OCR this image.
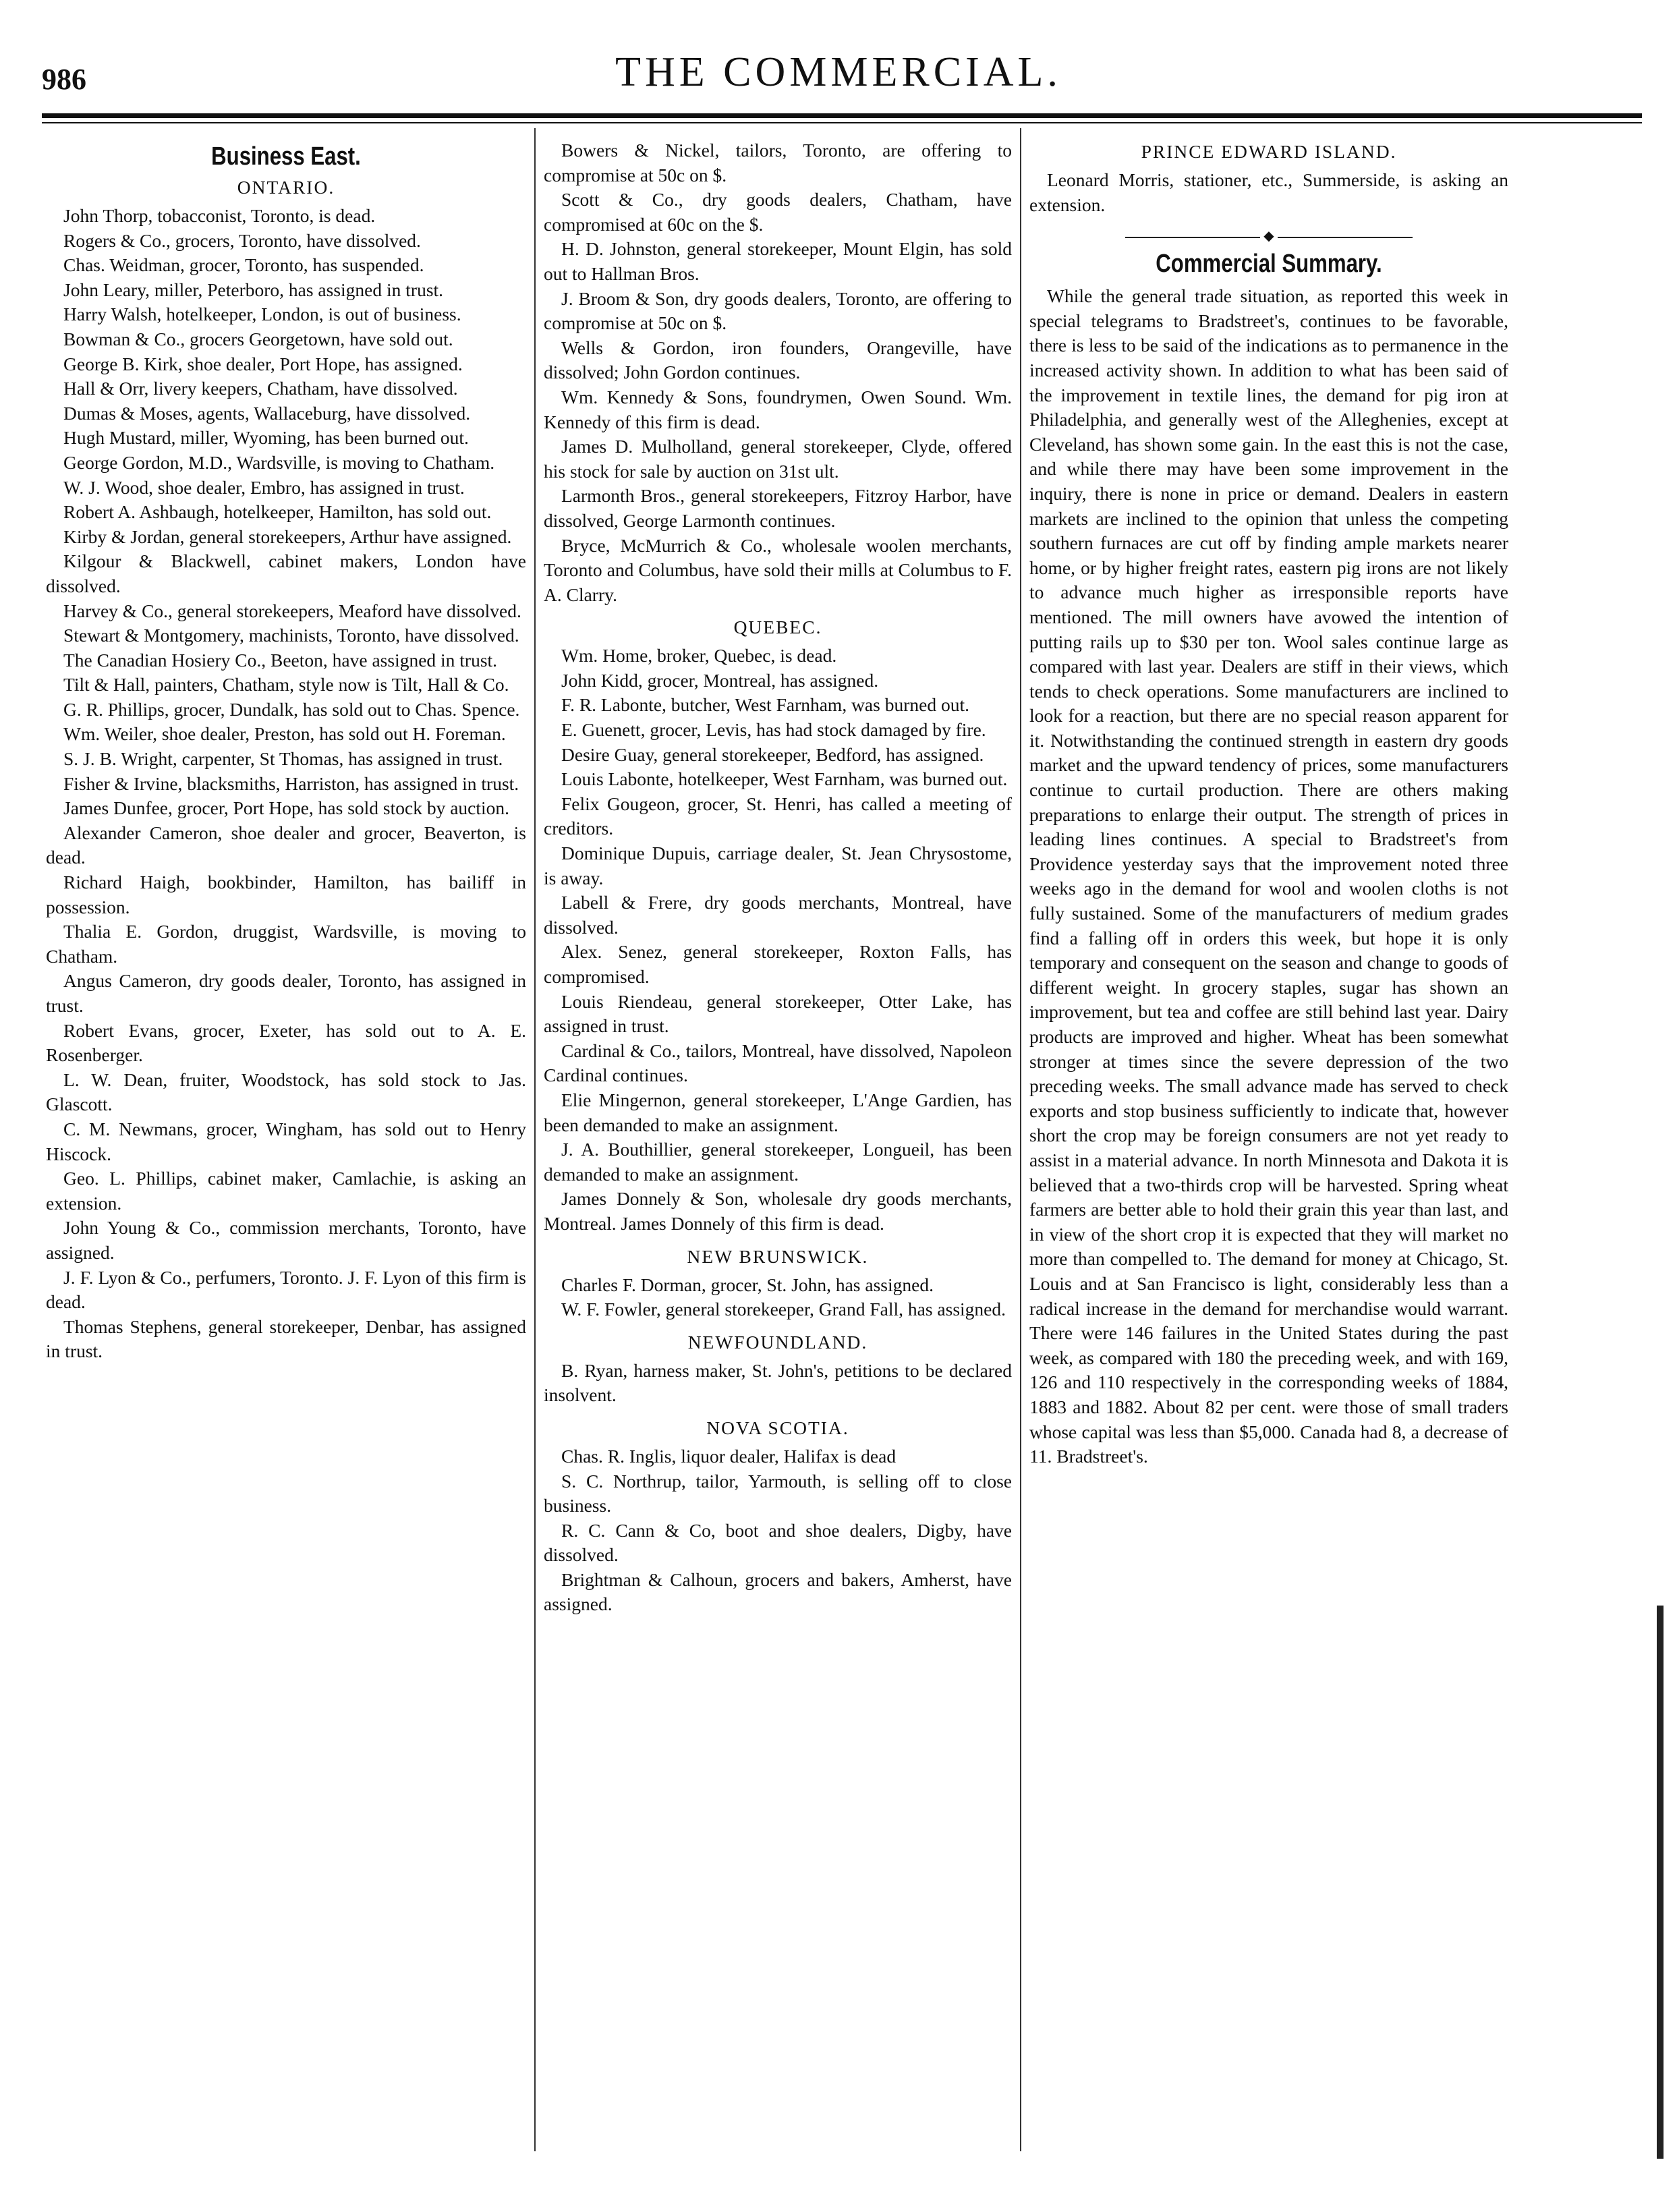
986	THE COMMERCIAL.
Business East.
ONTARIO.

John Thorp, tobacconist, Toronto, is dead.

Rogers & Co., grocers, Toronto, have dissolved.

Chas. Weidman, grocer, Toronto, has suspended.

John Leary, miller, Peterboro, has assigned in trust.

Harry Walsh, hotelkeeper, London, is out of business.

Bowman & Co., grocers Georgetown, have sold out.

George B. Kirk, shoe dealer, Port Hope, has assigned.

Hall & Orr, livery keepers, Chatham, have dissolved.

Dumas & Moses, agents, Wallaceburg, have dissolved.

Hugh Mustard, miller, Wyoming, has been burned out.

George Gordon, M.D., Wardsville, is moving to Chatham.

W. J. Wood, shoe dealer, Embro, has assigned in trust.

Robert A. Ashbaugh, hotelkeeper, Hamilton, has sold out.

Kirby & Jordan, general storekeepers, Arthur have assigned.

Kilgour & Blackwell, cabinet makers, London have dissolved.

Harvey & Co., general storekeepers, Meaford have dissolved.

Stewart & Montgomery, machinists, Toronto, have dissolved.

The Canadian Hosiery Co., Beeton, have assigned in trust.

Tilt & Hall, painters, Chatham, style now is Tilt, Hall & Co.

G. R. Phillips, grocer, Dundalk, has sold out to Chas. Spence.

Wm. Weiler, shoe dealer, Preston, has sold out H. Foreman.

S. J. B. Wright, carpenter, St Thomas, has assigned in trust.

Fisher & Irvine, blacksmiths, Harriston, has assigned in trust.

James Dunfee, grocer, Port Hope, has sold stock by auction.

Alexander Cameron, shoe dealer and grocer, Beaverton, is dead.

Richard Haigh, bookbinder, Hamilton, has bailiff in possession.

Thalia E. Gordon, druggist, Wardsville, is moving to Chatham.

Angus Cameron, dry goods dealer, Toronto, has assigned in trust.

Robert Evans, grocer, Exeter, has sold out to A. E. Rosenberger.

L. W. Dean, fruiter, Woodstock, has sold stock to Jas. Glascott.

C. M. Newmans, grocer, Wingham, has sold out to Henry Hiscock.

Geo. L. Phillips, cabinet maker, Camlachie, is asking an extension.

John Young & Co., commission merchants, Toronto, have assigned.

J. F. Lyon & Co., perfumers, Toronto. J. F. Lyon of this firm is dead.

Thomas Stephens, general storekeeper, Denbar, has assigned in trust.

Bowers & Nickel, tailors, Toronto, are offering to compromise at 50c on $.

Scott & Co., dry goods dealers, Chatham, have compromised at 60c on the $.

H. D. Johnston, general storekeeper, Mount Elgin, has sold out to Hallman Bros.

J. Broom & Son, dry goods dealers, Toronto, are offering to compromise at 50c on $.

Wells & Gordon, iron founders, Orangeville, have dissolved; John Gordon continues.

Wm. Kennedy & Sons, foundrymen, Owen Sound. Wm. Kennedy of this firm is dead.

James D. Mulholland, general storekeeper, Clyde, offered his stock for sale by auction on 31st ult.

Larmonth Bros., general storekeepers, Fitzroy Harbor, have dissolved, George Larmonth continues.

Bryce, McMurrich & Co., wholesale woolen merchants, Toronto and Columbus, have sold their mills at Columbus to F. A. Clarry.

QUEBEC.

Wm. Home, broker, Quebec, is dead.

John Kidd, grocer, Montreal, has assigned.

F. R. Labonte, butcher, West Farnham, was burned out.

E. Guenett, grocer, Levis, has had stock damaged by fire.

Desire Guay, general storekeeper, Bedford, has assigned.

Louis Labonte, hotelkeeper, West Farnham, was burned out.

Felix Gougeon, grocer, St. Henri, has called a meeting of creditors.

Dominique Dupuis, carriage dealer, St. Jean Chrysostome, is away.

Labell & Frere, dry goods merchants, Montreal, have dissolved.

Alex. Senez, general storekeeper, Roxton Falls, has compromised.

Louis Riendeau, general storekeeper, Otter Lake, has assigned in trust.

Cardinal & Co., tailors, Montreal, have dissolved, Napoleon Cardinal continues.

Elie Mingernon, general storekeeper, L'Ange Gardien, has been demanded to make an assignment.

J. A. Bouthillier, general storekeeper, Longueil, has been demanded to make an assignment.

James Donnely & Son, wholesale dry goods merchants, Montreal. James Donnely of this firm is dead.

NEW BRUNSWICK.

Charles F. Dorman, grocer, St. John, has assigned.

W. F. Fowler, general storekeeper, Grand Fall, has assigned.

NEWFOUNDLAND.

B. Ryan, harness maker, St. John's, petitions to be declared insolvent.

NOVA SCOTIA.

Chas. R. Inglis, liquor dealer, Halifax is dead

S. C. Northrup, tailor, Yarmouth, is selling off to close business.

R. C. Cann & Co, boot and shoe dealers, Digby, have dissolved.

Brightman & Calhoun, grocers and bakers, Amherst, have assigned.

PRINCE EDWARD ISLAND.

Leonard Morris, stationer, etc., Summerside, is asking an extension.

◆
Commercial Summary.

While the general trade situation, as reported this week in special telegrams to Bradstreet's, continues to be favorable, there is less to be said of the indications as to permanence in the increased activity shown. In addition to what has been said of the improvement in textile lines, the demand for pig iron at Philadelphia, and generally west of the Alleghenies, except at Cleveland, has shown some gain. In the east this is not the case, and while there may have been some improvement in the inquiry, there is none in price or demand. Dealers in eastern markets are inclined to the opinion that unless the competing southern furnaces are cut off by finding ample markets nearer home, or by higher freight rates, eastern pig irons are not likely to advance much higher as irresponsible reports have mentioned. The mill owners have avowed the intention of putting rails up to $30 per ton. Wool sales continue large as compared with last year. Dealers are stiff in their views, which tends to check operations. Some manufacturers are inclined to look for a reaction, but there are no special reason apparent for it. Notwithstanding the continued strength in eastern dry goods market and the upward tendency of prices, some manufacturers continue to curtail production. There are others making preparations to enlarge their output. The strength of prices in leading lines continues. A special to Bradstreet's from Providence yesterday says that the improvement noted three weeks ago in the demand for wool and woolen cloths is not fully sustained. Some of the manufacturers of medium grades find a falling off in orders this week, but hope it is only temporary and consequent on the season and change to goods of different weight. In grocery staples, sugar has shown an improvement, but tea and coffee are still behind last year. Dairy products are improved and higher. Wheat has been somewhat stronger at times since the severe depression of the two preceding weeks. The small advance made has served to check exports and stop business sufficiently to indicate that, however short the crop may be foreign consumers are not yet ready to assist in a material advance. In north Minnesota and Dakota it is believed that a two-thirds crop will be harvested. Spring wheat farmers are better able to hold their grain this year than last, and in view of the short crop it is expected that they will market no more than compelled to. The demand for money at Chicago, St. Louis and at San Francisco is light, considerably less than a radical increase in the demand for merchandise would warrant. There were 146 failures in the United States during the past week, as compared with 180 the preceding week, and with 169, 126 and 110 respectively in the corresponding weeks of 1884, 1883 and 1882. About 82 per cent. were those of small traders whose capital was less than $5,000. Canada had 8, a decrease of 11. Bradstreet's.
